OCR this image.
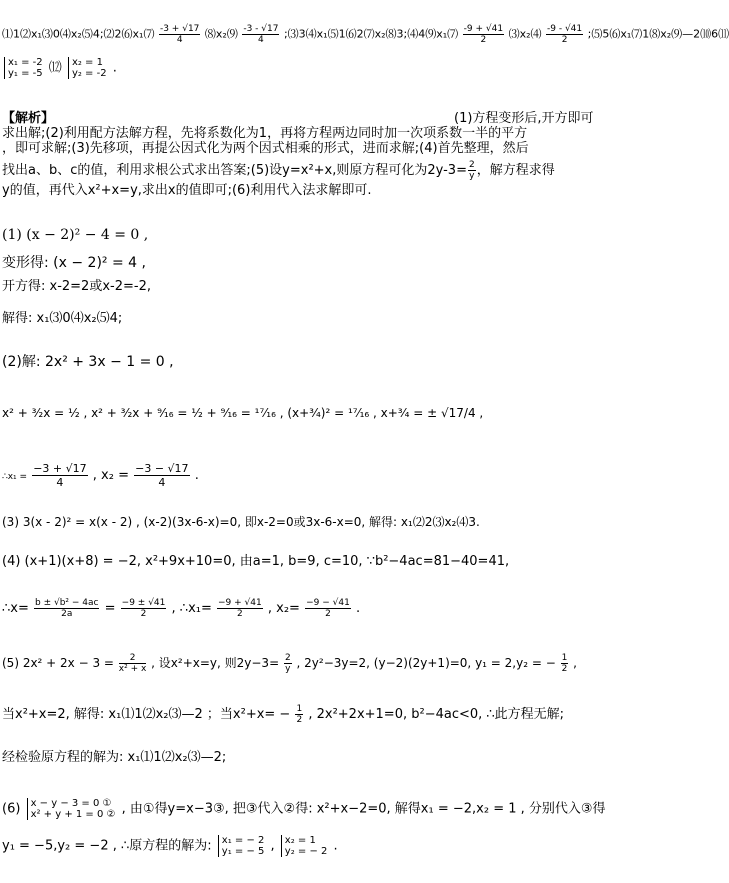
⑴1⑵x₁⑶0⑷x₂⑸4;⑵2⑹x₁⑺ $\frac{-3 + √17}{4}$ ⑻x₂⑼ $\frac{-3 - √17}{4}$ ;⑶3⑷x₁⑸1⑹2⑺x₂⑻3;⑷4⑼x₁⑺ $\frac{-9 + √41}{2}$ ⑶x₂⑷ $\frac{-9 - √41}{2}$ ;⑸5⑹x₁⑺1⑻x₂⑼—2⑽6⑾
x₁ = -2
y₁ = -5 ⑿ x₂ = 1
y₂ = -2 .
【解析】	(1)方程变形后,开方即可
求出解;(2)利用配方法解方程，先将系数化为1，再将方程两边同时加一次项系数一半的平方
，即可求解;(3)先移项，再提公因式化为两个因式相乘的形式，进而求解;(4)首先整理，然后
找出a、b、c的值，利用求根公式求出答案;(5)设y=x²+x,则原方程可化为$2y-3= \frac{2}{y}$ ，解方程求得
y的值，再代入x²+x=y,求出x的值即可;(6)利用代入法求解即可.
(1) (x − 2)² − 4 = 0 ,
变形得: (x − 2)² = 4 ,
开方得: x-2=2或x-2=-2,
解得: x₁⑶0⑷x₂⑸4;
(2)解: 2x² + 3x − 1 = 0 ,
x² + ³⁄₂x = ¹⁄₂ , x² + ³⁄₂x + ⁹⁄₁₆ = ¹⁄₂ + ⁹⁄₁₆ = ¹⁷⁄₁₆ , (x+³⁄₄)² = ¹⁷⁄₁₆ , x+³⁄₄ = ± √17/4 ,
∴x₁ = $\frac{-3 + √17}{4}$ , $x_2 = \frac{-3 - √17}{4}$ .
(3) 3(x - 2)² = x(x - 2) , (x-2)(3x-6-x)=0, 即x-2=0或3x-6-x=0, 解得: x₁⑵2⑶x₂⑷3.
(4) (x+1)(x+8) = −2, x²+9x+10=0, 由a=1, b=9, c=10, ∵b²−4ac=81−40=41,
∴x= $\frac{\text{b ± √b² − 4ac}}{2a} = \frac{-9 \pm √41}{2}$ , ∴x₁= $\frac{-9 + √41}{2}$ , $x_2= \frac{-9 - √41}{2}$ .
(5) $2x^2 + 2x - 3 = \frac{2}{\text{x² + x}}$ , 设x²+x=y, 则$2y-3= \frac{2}{y}$ , 2y²−3y=2, (y−2)(2y+1)=0, y₁ = 2,y₂ = − $\frac{1}{2}$ ,
当x²+x=2, 解得: x₁⑴1⑵x₂⑶—2 ；当$x^2+x= - \frac{1}{2}$ , 2x²+2x+1=0, b²−4ac<0, ∴此方程无解;
经检验原方程的解为: x₁⑴1⑵x₂⑶—2;
(6) x − y − 3 = 0 ①
x² + y + 1 = 0 ② , 由①得y=x−3③, 把③代入②得: x²+x−2=0, 解得x₁ = −2,x₂ = 1 , 分别代入③得
y₁ = −5,y₂ = −2 , ∴原方程的解为: x₁ = − 2
y₁ = − 5 , x₂ = 1
y₂ = − 2 .
